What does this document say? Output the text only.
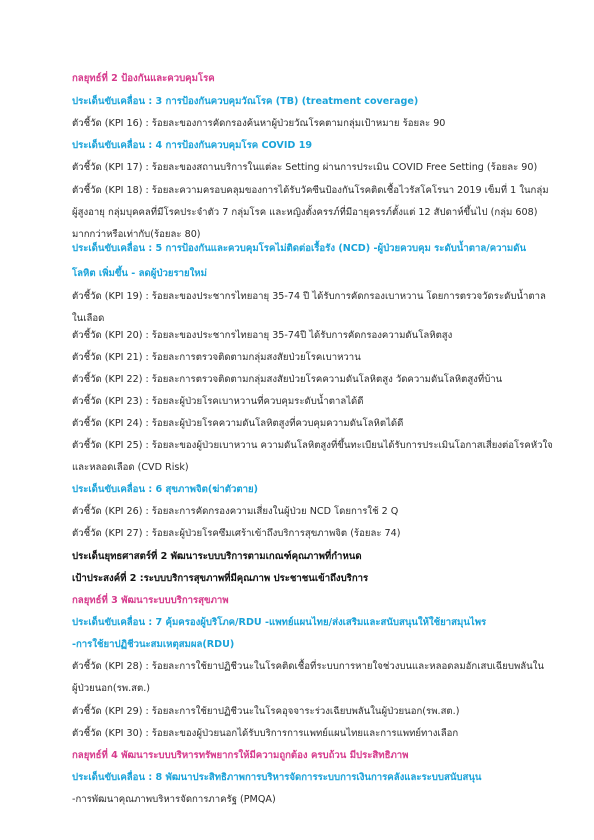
กลยุทธ์ที่ 2 ป้องกันและควบคุมโรค
ประเด็นขับเคลื่อน : 3 การป้องกันควบคุมวัณโรค (TB) (treatment coverage)
ตัวชี้วัด (KPI 16) : ร้อยละของการคัดกรองค้นหาผู้ป่วยวัณโรคตามกลุ่มเป้าหมาย ร้อยละ 90
ประเด็นขับเคลื่อน : 4 การป้องกันควบคุมโรค COVID 19
ตัวชี้วัด (KPI 17) : ร้อยละของสถานบริการในแต่ละ Setting ผ่านการประเมิน COVID Free Setting (ร้อยละ 90)
ตัวชี้วัด (KPI 18) : ร้อยละความครอบคลุมของการได้รับวัคซีนป้องกันโรคติดเชื้อไวรัสโคโรนา 2019 เข็มที่ 1 ในกลุ่ม
ผู้สูงอายุ กลุ่มบุคคลที่มีโรคประจำตัว 7 กลุ่มโรค และหญิงตั้งครรภ์ที่มีอายุครรภ์ตั้งแต่ 12 สัปดาห์ขึ้นไป (กลุ่ม 608)
มากกว่าหรือเท่ากับ(ร้อยละ 80)
ประเด็นขับเคลื่อน : 5 การป้องกันและควบคุมโรคไม่ติดต่อเรื้อรัง (NCD) -ผู้ป่วยควบคุม ระดับน้ำตาล/ความดัน
โลหิต เพิ่มขึ้น - ลดผู้ป่วยรายใหม่
ตัวชี้วัด (KPI 19) : ร้อยละของประชากรไทยอายุ 35-74 ปี ได้รับการคัดกรองเบาหวาน โดยการตรวจวัดระดับน้ำตาล
ในเลือด
ตัวชี้วัด (KPI 20) : ร้อยละของประชากรไทยอายุ 35-74ปี ได้รับการคัดกรองความดันโลหิตสูง
ตัวชี้วัด (KPI 21) : ร้อยละการตรวจติดตามกลุ่มสงสัยป่วยโรคเบาหวาน
ตัวชี้วัด (KPI 22) : ร้อยละการตรวจติดตามกลุ่มสงสัยป่วยโรคความดันโลหิตสูง วัดความดันโลหิตสูงที่บ้าน
ตัวชี้วัด (KPI 23) : ร้อยละผู้ป่วยโรคเบาหวานที่ควบคุมระดับน้ำตาลได้ดี
ตัวชี้วัด (KPI 24) : ร้อยละผู้ป่วยโรคความดันโลหิตสูงที่ควบคุมความดันโลหิตได้ดี
ตัวชี้วัด (KPI 25) : ร้อยละของผู้ป่วยเบาหวาน ความดันโลหิตสูงที่ขึ้นทะเบียนได้รับการประเมินโอกาสเสี่ยงต่อโรคหัวใจ
และหลอดเลือด (CVD Risk)
ประเด็นขับเคลื่อน : 6 สุขภาพจิต(ฆ่าตัวตาย)
ตัวชี้วัด (KPI 26) : ร้อยละการคัดกรองความเสี่ยงในผู้ป่วย NCD โดยการใช้ 2 Q
ตัวชี้วัด (KPI 27) : ร้อยละผู้ป่วยโรคซึมเศร้าเข้าถึงบริการสุขภาพจิต (ร้อยละ 74)
ประเด็นยุทธศาสตร์ที่ 2 พัฒนาระบบบริการตามเกณฑ์คุณภาพที่กำหนด
เป้าประสงค์ที่ 2 :ระบบบริการสุขภาพที่มีคุณภาพ ประชาชนเข้าถึงบริการ
กลยุทธ์ที่ 3 พัฒนาระบบบริการสุขภาพ
ประเด็นขับเคลื่อน : 7 คุ้มครองผู้บริโภค/RDU -แพทย์แผนไทย/ส่งเสริมและสนับสนุนให้ใช้ยาสมุนไพร
-การใช้ยาปฏิชีวนะสมเหตุสมผล(RDU)
ตัวชี้วัด (KPI 28) : ร้อยละการใช้ยาปฏิชีวนะในโรคติดเชื้อที่ระบบการหายใจช่วงบนและหลอดลมอักเสบเฉียบพลันใน
ผู้ป่วยนอก(รพ.สต.)
ตัวชี้วัด (KPI 29) : ร้อยละการใช้ยาปฏิชีวนะในโรคอุจจาระร่วงเฉียบพลันในผู้ป่วยนอก(รพ.สต.)
ตัวชี้วัด (KPI 30) : ร้อยละของผู้ป่วยนอกได้รับบริการการแพทย์แผนไทยและการแพทย์ทางเลือก
กลยุทธ์ที่ 4 พัฒนาระบบบริหารทรัพยากรให้มีความถูกต้อง ครบถ้วน มีประสิทธิภาพ
ประเด็นขับเคลื่อน : 8 พัฒนาประสิทธิภาพการบริหารจัดการระบบการเงินการคลังและระบบสนับสนุน
-การพัฒนาคุณภาพบริหารจัดการภาครัฐ (PMQA)
